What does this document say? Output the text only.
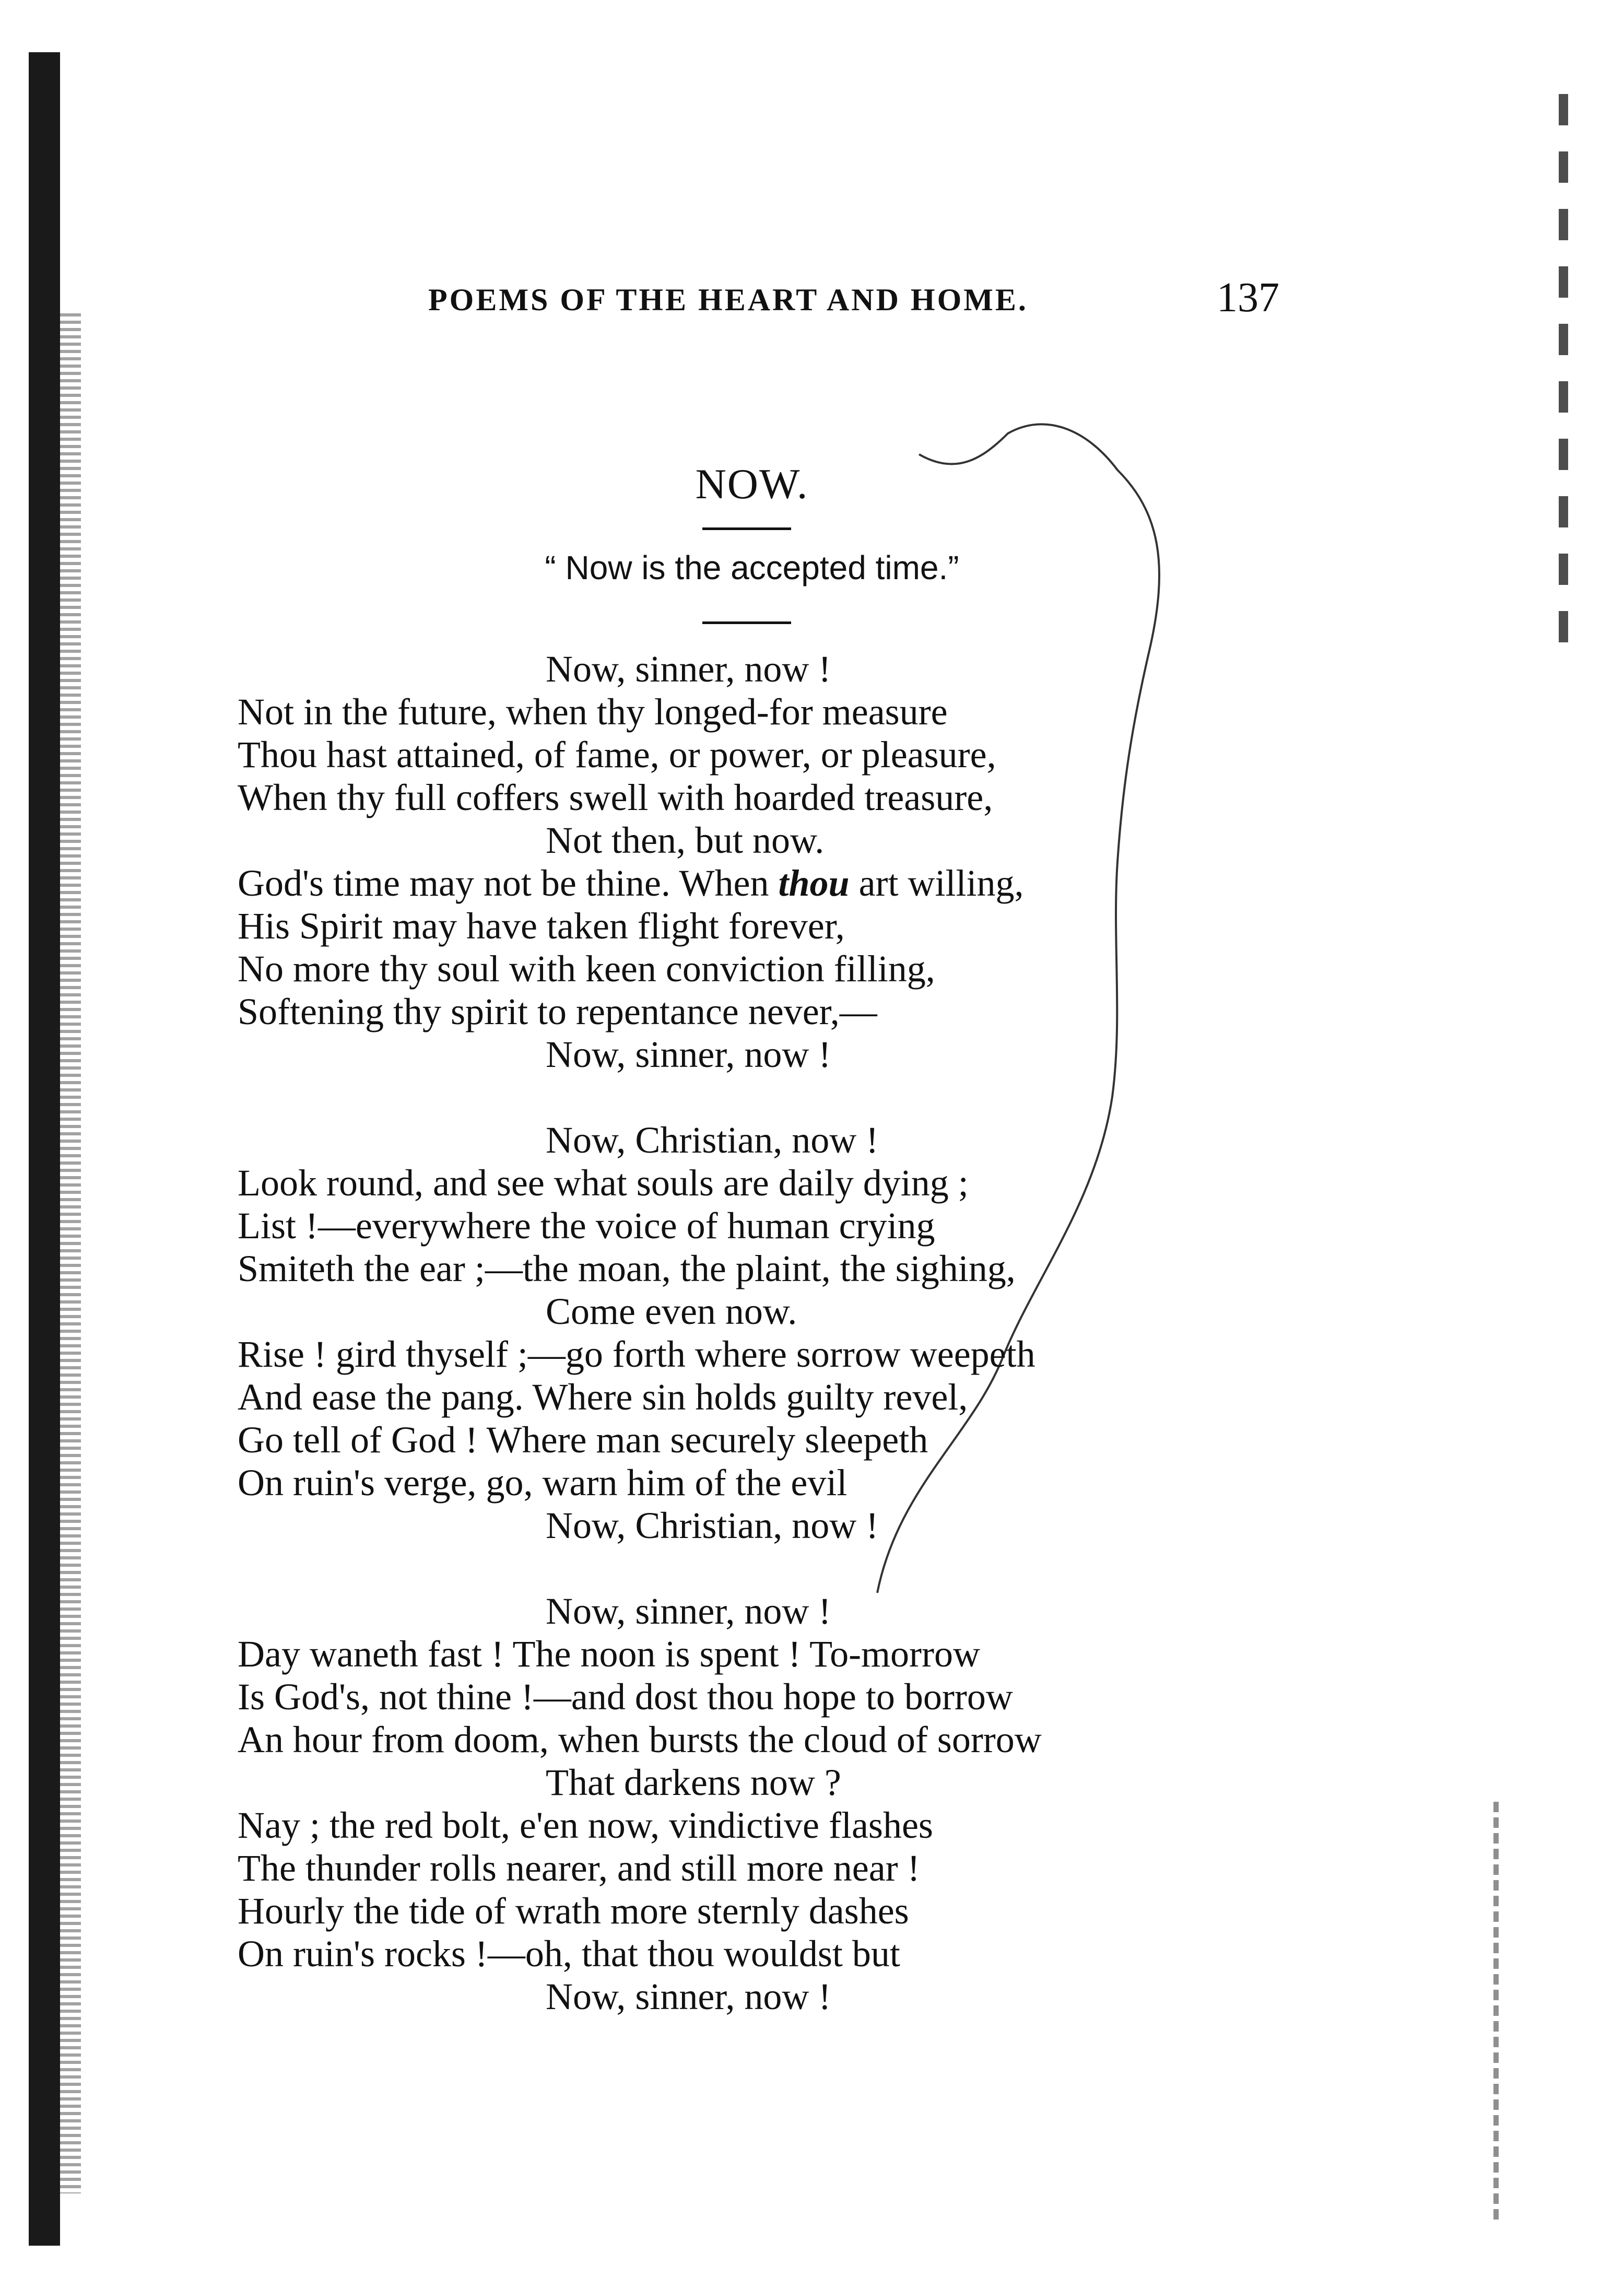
POEMS OF THE HEART AND HOME.	137
NOW.
“ Now is the accepted time.”
Now, sinner, now !
Not in the future, when thy longed-for measure
Thou hast attained, of fame, or power, or pleasure,
When thy full coffers swell with hoarded treasure,
Not then, but now.
God's time may not be thine. When thou art willing,
His Spirit may have taken flight forever,
No more thy soul with keen conviction filling,
Softening thy spirit to repentance never,—
Now, sinner, now !
Now, Christian, now !
Look round, and see what souls are daily dying ;
List !—everywhere the voice of human crying
Smiteth the ear ;—the moan, the plaint, the sighing,
Come even now.
Rise ! gird thyself ;—go forth where sorrow weepeth
And ease the pang. Where sin holds guilty revel,
Go tell of God ! Where man securely sleepeth
On ruin's verge, go, warn him of the evil
Now, Christian, now !
Now, sinner, now !
Day waneth fast ! The noon is spent ! To-morrow
Is God's, not thine !—and dost thou hope to borrow
An hour from doom, when bursts the cloud of sorrow
That darkens now ?
Nay ; the red bolt, e'en now, vindictive flashes
The thunder rolls nearer, and still more near !
Hourly the tide of wrath more sternly dashes
On ruin's rocks !—oh, that thou wouldst but
Now, sinner, now !
